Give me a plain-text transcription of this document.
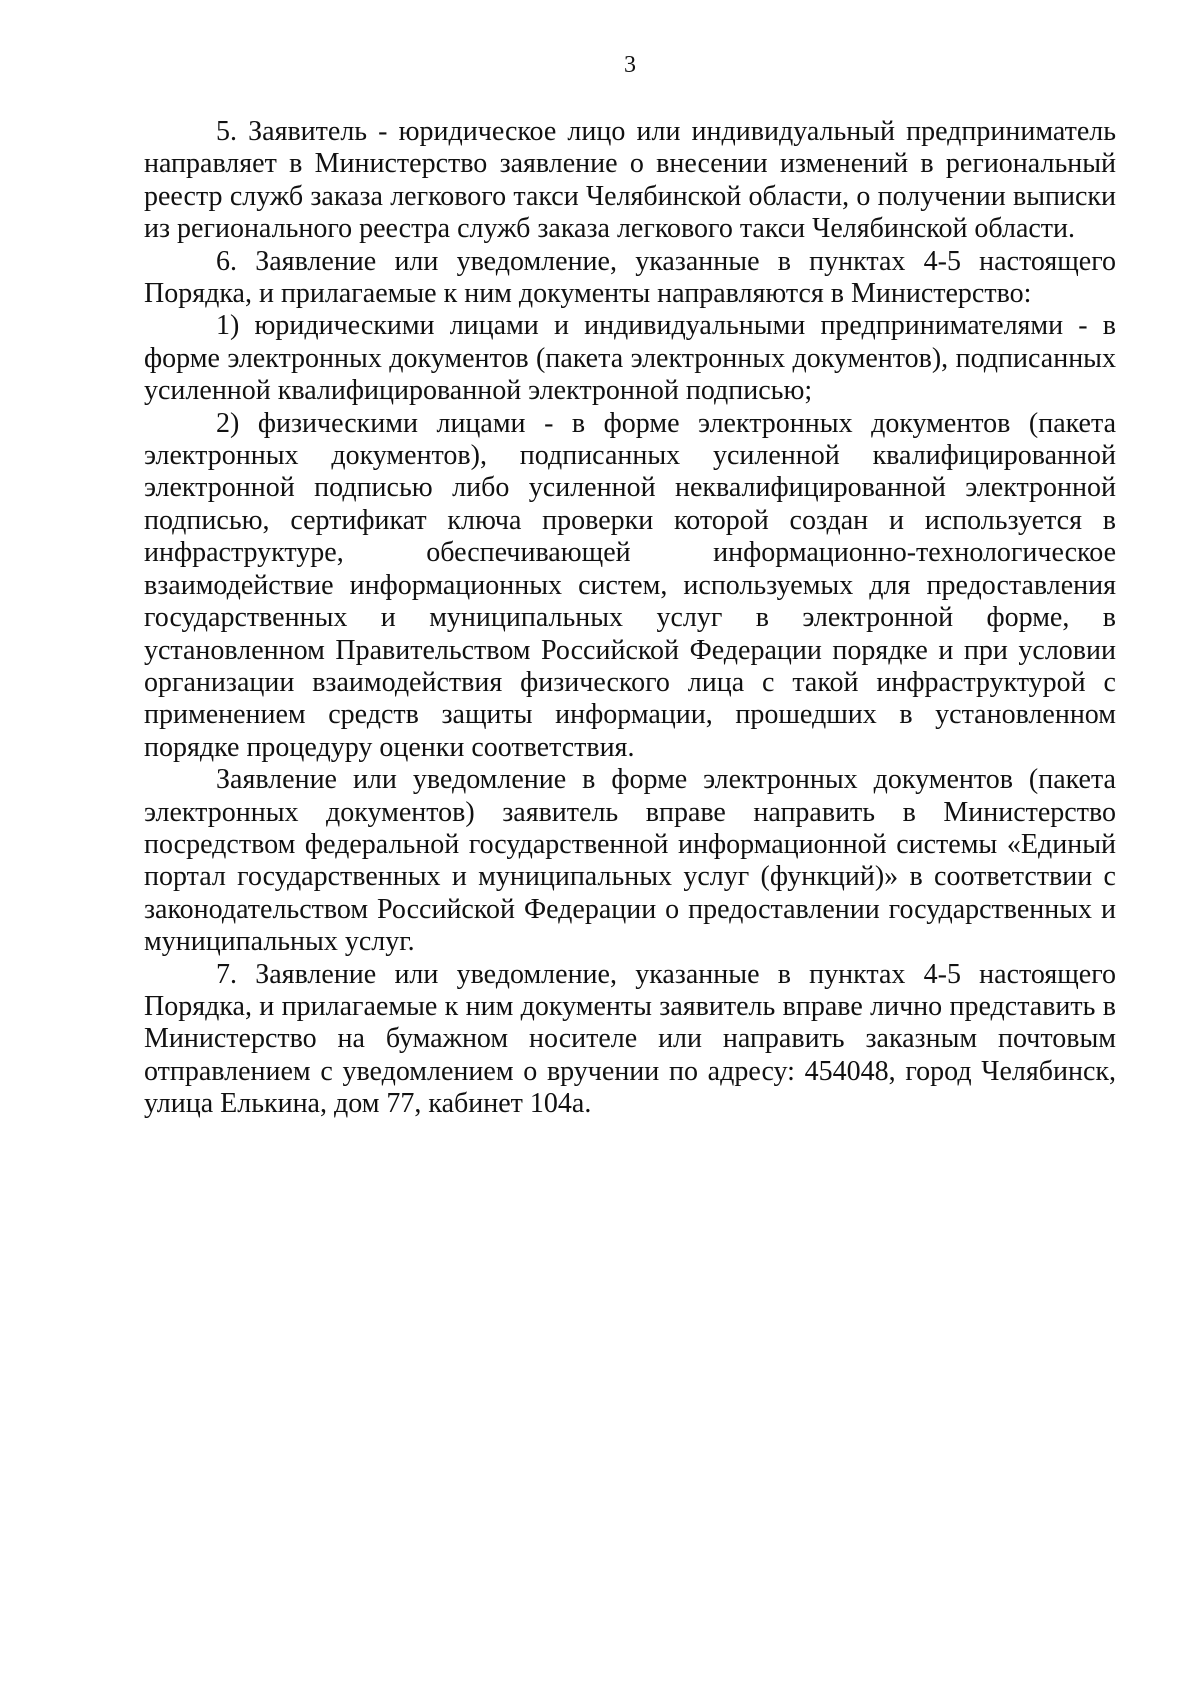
3

5. Заявитель - юридическое лицо или индивидуальный предприниматель направляет в Министерство заявление о внесении изменений в региональный реестр служб заказа легкового такси Челябинской области, о получении выписки из регионального реестра служб заказа легкового такси Челябинской области.

6. Заявление или уведомление, указанные в пунктах 4-5 настоящего Порядка, и прилагаемые к ним документы направляются в Министерство:

1) юридическими лицами и индивидуальными предпринимателями - в форме электронных документов (пакета электронных документов), подписанных усиленной квалифицированной электронной подписью;

2) физическими лицами - в форме электронных документов (пакета электронных документов), подписанных усиленной квалифицированной электронной подписью либо усиленной неквалифицированной электронной подписью, сертификат ключа проверки которой создан и используется в инфраструктуре, обеспечивающей информационно-технологическое взаимодействие информационных систем, используемых для предоставления государственных и муниципальных услуг в электронной форме, в установленном Правительством Российской Федерации порядке и при условии организации взаимодействия физического лица с такой инфраструктурой с применением средств защиты информации, прошедших в установленном порядке процедуру оценки соответствия.

Заявление или уведомление в форме электронных документов (пакета электронных документов) заявитель вправе направить в Министерство посредством федеральной государственной информационной системы «Единый портал государственных и муниципальных услуг (функций)» в соответствии с законодательством Российской Федерации о предоставлении государственных и муниципальных услуг.

7. Заявление или уведомление, указанные в пунктах 4-5 настоящего Порядка, и прилагаемые к ним документы заявитель вправе лично представить в Министерство на бумажном носителе или направить заказным почтовым отправлением с уведомлением о вручении по адресу: 454048, город Челябинск, улица Елькина, дом 77, кабинет 104а.
